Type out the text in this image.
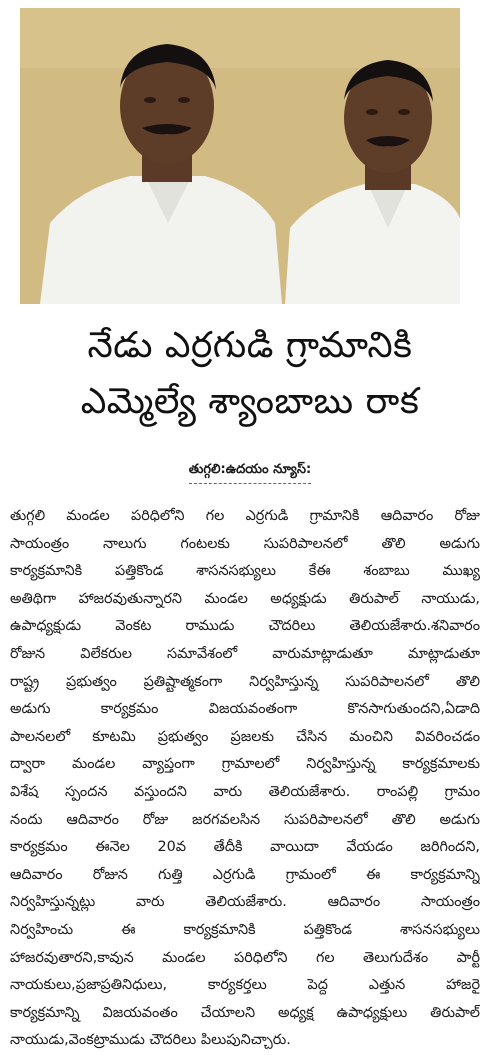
నేడు ఎర్రగుడి గ్రామానికి
ఎమ్మెల్యే శ్యాంబాబు రాక
తుగ్గలి:ఉదయం న్యూస్:
తుగ్గలి మండల పరిధిలోని గల ఎర్రగుడి గ్రామానికి ఆదివారం రోజు
సాయంత్రం నాలుగు గంటలకు సుపరిపాలనలో తొలి అడుగు
కార్యక్రమానికి పత్తికొండ శాసనసభ్యులు కేఈ శంబాబు ముఖ్య
అతిథిగా హాజరవుతున్నారని మండల అధ్యక్షుడు తిరుపాల్ నాయుడు,
ఉపాధ్యక్షుడు వెంకట రాముడు చౌదరిలు తెలియజేశారు.శనివారం
రోజున విలేకరుల సమావేశంలో వారుమాట్లాడుతూ మాట్లాడుతూ
రాష్ట్ర ప్రభుత్వం ప్రతిష్టాత్మకంగా నిర్వహిస్తున్న సుపరిపాలనలో తొలి
అడుగు కార్యక్రమం విజయవంతంగా కొనసాగుతుందని,ఏడాది
పాలనలలో కూటమి ప్రభుత్వం ప్రజలకు చేసిన మంచిని వివరించడం
ద్వారా మండల వ్యాప్తంగా గ్రామాలలో నిర్వహిస్తున్న కార్యక్రమాలకు
విశేష స్పందన వస్తుందని వారు తెలియజేశారు. రాంపల్లి గ్రామం
నందు ఆదివారం రోజు జరగవలసిన సుపరిపాలనలో తొలి అడుగు
కార్యక్రమం ఈనెల 20వ తేదీకి వాయిదా వేయడం జరిగిందని,
ఆదివారం రోజున గుత్తి ఎర్రగుడి గ్రామంలో ఈ కార్యక్రమాన్ని
నిర్వహిస్తున్నట్లు వారు తెలియజేశారు. ఆదివారం సాయంత్రం
నిర్వహించు ఈ కార్యక్రమానికి పత్తికొండ శాసనసభ్యులు
హాజరవుతారని,కావున మండల పరిధిలోని గల తెలుగుదేశం పార్టీ
నాయకులు,ప్రజాప్రతినిధులు, కార్యకర్తలు పెద్ద ఎత్తున హాజరై
కార్యక్రమాన్ని విజయవంతం చేయాలని అధ్యక్ష ఉపాధ్యక్షులు తిరుపాల్
నాయుడు,వెంకట్రాముడు చౌదరిలు పిలుపునిచ్చారు.
